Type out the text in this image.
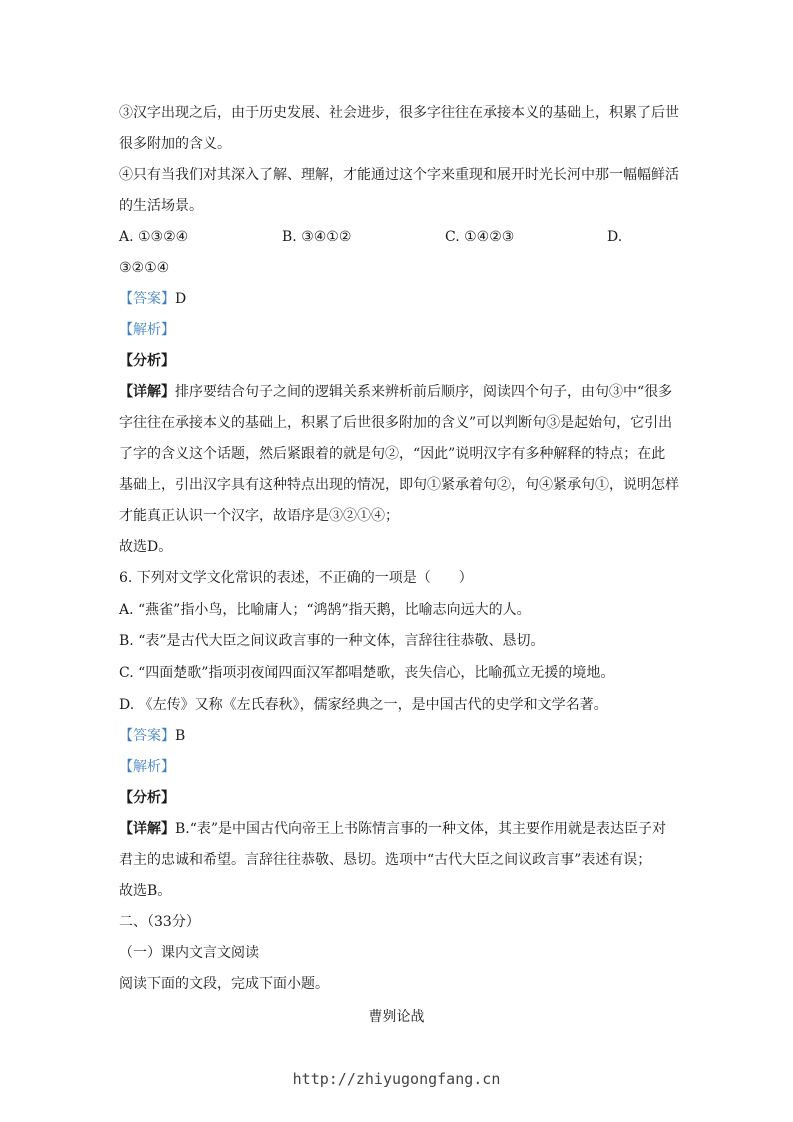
③汉字出现之后，由于历史发展、社会进步，很多字往往在承接本义的基础上，积累了后世
很多附加的含义。
④只有当我们对其深入了解、理解，才能通过这个字来重现和展开时光长河中那一幅幅鲜活
的生活场景。
A. ①③②④	B. ③④①②	C. ①④②③	D.
③②①④
【答案】D
【解析】
【分析】
【详解】排序要结合句子之间的逻辑关系来辨析前后顺序，阅读四个句子，由句③中“很多
字往往在承接本义的基础上，积累了后世很多附加的含义”可以判断句③是起始句，它引出
了字的含义这个话题，然后紧跟着的就是句②，“因此”说明汉字有多种解释的特点；在此
基础上，引出汉字具有这种特点出现的情况，即句①紧承着句②，句④紧承句①，说明怎样
才能真正认识一个汉字，故语序是③②①④；
故选D。
6. 下列对文学文化常识的表述，不正确的一项是（　　）
A. “燕雀”指小鸟，比喻庸人；“鸿鹄”指天鹅，比喻志向远大的人。
B. “表”是古代大臣之间议政言事的一种文体，言辞往往恭敬、恳切。
C. “四面楚歌”指项羽夜闻四面汉军都唱楚歌，丧失信心，比喻孤立无援的境地。
D. 《左传》又称《左氏春秋》，儒家经典之一，是中国古代的史学和文学名著。
【答案】B
【解析】
【分析】
【详解】B.“表”是中国古代向帝王上书陈情言事的一种文体，其主要作用就是表达臣子对
君主的忠诚和希望。言辞往往恭敬、恳切。选项中“古代大臣之间议政言事”表述有误；
故选B。
二、（33分）
（一）课内文言文阅读
阅读下面的文段，完成下面小题。
曹刿论战
http://zhiyugongfang.cn
